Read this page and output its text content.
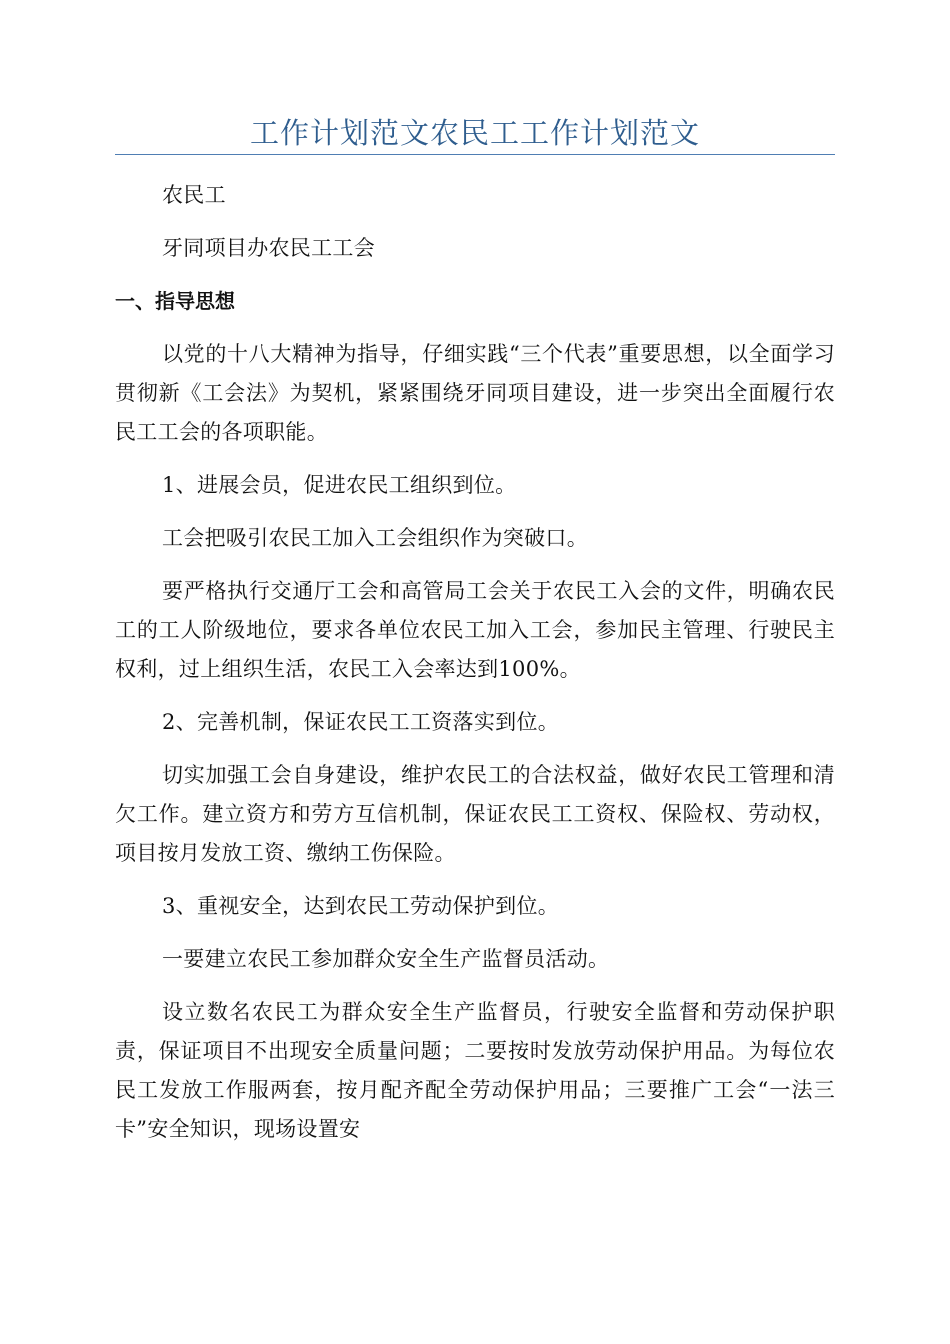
工作计划范文农民工工作计划范文

农民工

牙同项目办农民工工会

一、指导思想

以党的十八大精神为指导，仔细实践“三个代表”重要思想，以全面学习贯彻新《工会法》为契机，紧紧围绕牙同项目建设，进一步突出全面履行农民工工会的各项职能。

1、进展会员，促进农民工组织到位。

工会把吸引农民工加入工会组织作为突破口。

要严格执行交通厅工会和高管局工会关于农民工入会的文件，明确农民工的工人阶级地位，要求各单位农民工加入工会，参加民主管理、行驶民主权利，过上组织生活，农民工入会率达到100%。

2、完善机制，保证农民工工资落实到位。

切实加强工会自身建设，维护农民工的合法权益，做好农民工管理和清欠工作。建立资方和劳方互信机制，保证农民工工资权、保险权、劳动权，项目按月发放工资、缴纳工伤保险。

3、重视安全，达到农民工劳动保护到位。

一要建立农民工参加群众安全生产监督员活动。

设立数名农民工为群众安全生产监督员，行驶安全监督和劳动保护职责，保证项目不出现安全质量问题；二要按时发放劳动保护用品。为每位农民工发放工作服两套，按月配齐配全劳动保护用品；三要推广工会“一法三卡”安全知识，现场设置安
